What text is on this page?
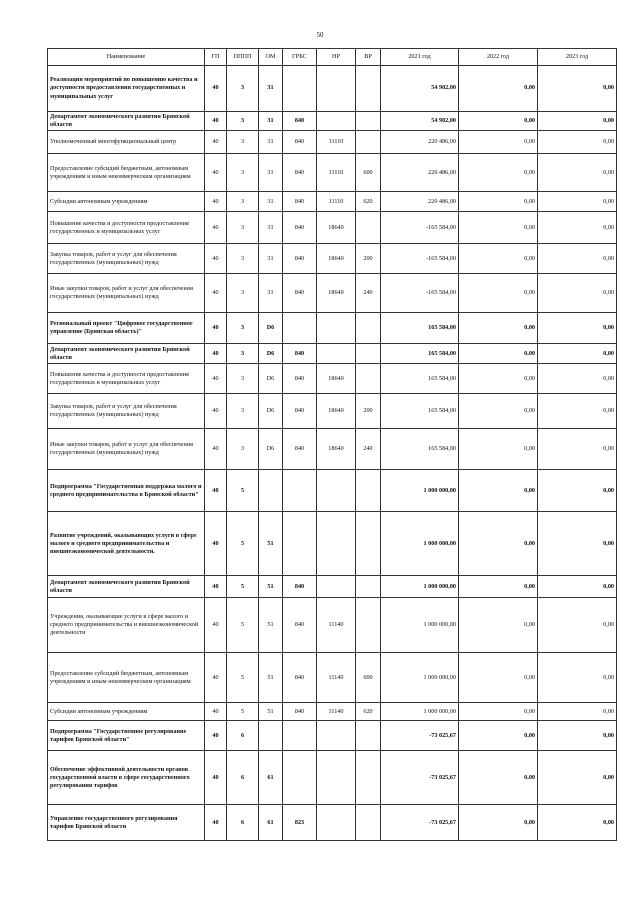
50
Наименование	ГП	ПППП	ОМ	ГРБС	НР	ВР	2021 год	2022 год	2023 год
Реализация мероприятий по повышению качества и доступности предоставления государственных и муниципальных услуг	40	3	31				54 902,00	0,00	0,00
Департамент экономического развития Брянской области	40	3	31	840			54 902,00	0,00	0,00
Уполномоченный многофункциональный центр	40	3	31	840	11110		220 486,00	0,00	0,00
Предоставление субсидий бюджетным, автономным учреждениям и иным некоммерческим организациям	40	3	31	840	11110	600	220 486,00	0,00	0,00
Субсидии автономным учреждениям	40	3	31	840	11110	620	220 486,00	0,00	0,00
Повышение качества и доступности предоставления государственных и муниципальных услуг	40	3	31	840	18640		-165 584,00	0,00	0,00
Закупка товаров, работ и услуг для обеспечения государственных (муниципальных) нужд	40	3	31	840	18640	200	-165 584,00	0,00	0,00
Иные закупки товаров, работ и услуг для обеспечения государственных (муниципальных) нужд	40	3	31	840	18640	240	-165 584,00	0,00	0,00
Региональный проект "Цифровое государственное управление (Брянская область)"	40	3	D6				165 584,00	0,00	0,00
Департамент экономического развития Брянской области	40	3	D6	840			165 584,00	0,00	0,00
Повышение качества и доступности предоставления государственных и муниципальных услуг	40	3	D6	840	18640		165 584,00	0,00	0,00
Закупка товаров, работ и услуг для обеспечения государственных (муниципальных) нужд	40	3	D6	840	18640	200	165 584,00	0,00	0,00
Иные закупки товаров, работ и услуг для обеспечения государственных (муниципальных) нужд	40	3	D6	840	18640	240	165 584,00	0,00	0,00
Подпрограмма "Государственная поддержка малого и среднего предпринимательства в Брянской области"	40	5					1 000 000,00	0,00	0,00
Развитие учреждений, оказывающих услуги в сфере малого и среднего предпринимательства и внешнеэкономической деятельности.	40	5	51				1 000 000,00	0,00	0,00
Департамент экономического развития Брянской области	40	5	51	840			1 000 000,00	0,00	0,00
Учреждения, оказывающие услуги в сфере малого и среднего предпринимательства и внешнеэкономической деятельности	40	5	51	840	11140		1 000 000,00	0,00	0,00
Предоставление субсидий бюджетным, автономным учреждениям и иным некоммерческим организациям	40	5	51	840	11140	600	1 000 000,00	0,00	0,00
Субсидии автономным учреждениям	40	5	51	840	11140	620	1 000 000,00	0,00	0,00
Подпрограмма "Государственное регулирование тарифов Брянской области"	40	6					-73 025,67	0,00	0,00
Обеспечение эффективной деятельности органов государственной власти в сфере государственного регулирования тарифов	40	6	61				-73 025,67	0,00	0,00
Управление государственного регулирования тарифов Брянской области	40	6	61	823			-73 025,67	0,00	0,00
